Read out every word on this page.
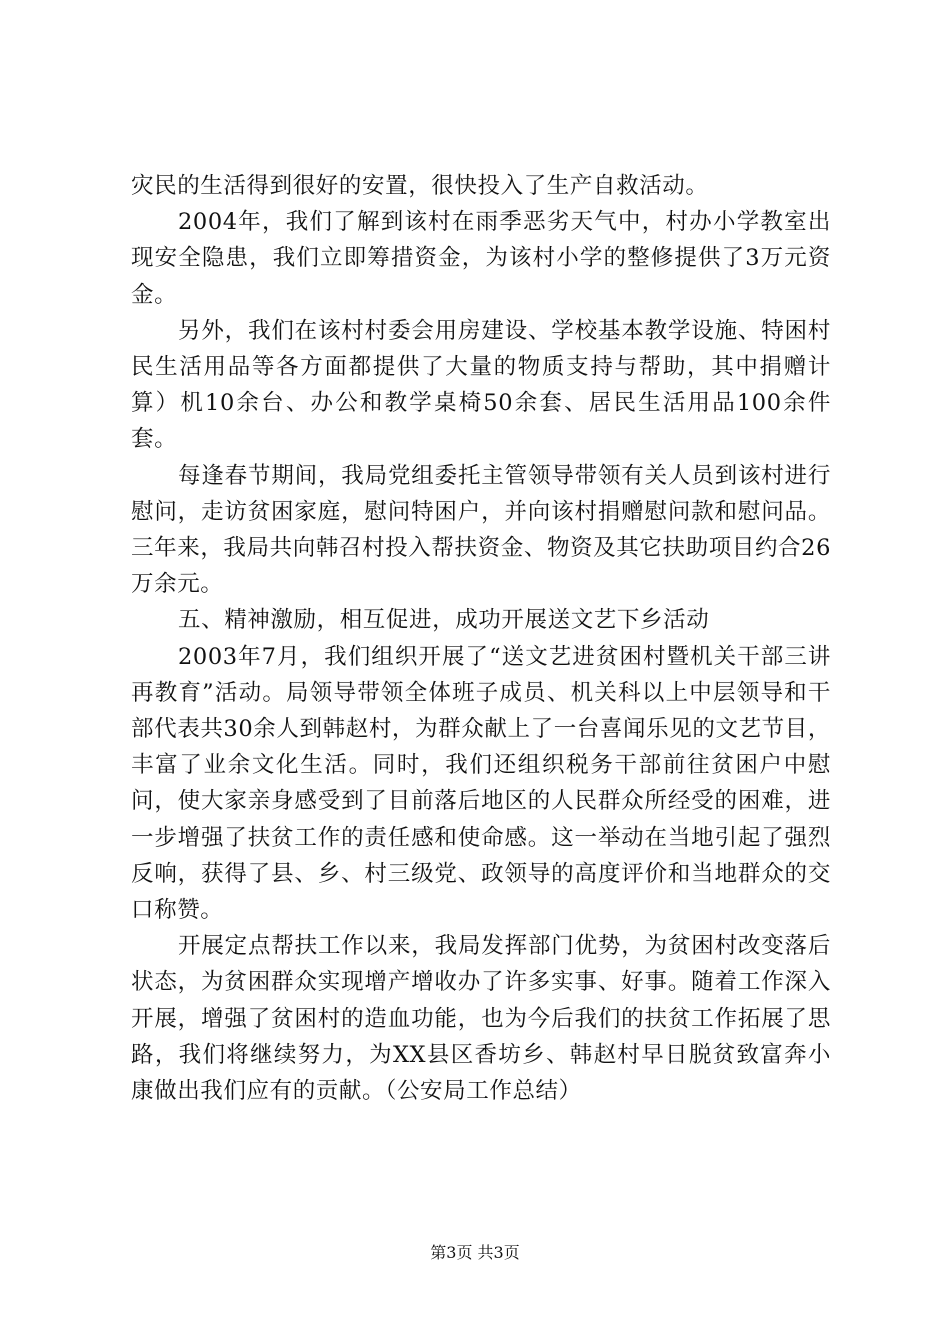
灾民的生活得到很好的安置，很快投入了生产自救活动。

2004年，我们了解到该村在雨季恶劣天气中，村办小学教室出现安全隐患，我们立即筹措资金，为该村小学的整修提供了3万元资金。

另外，我们在该村村委会用房建设、学校基本教学设施、特困村民生活用品等各方面都提供了大量的物质支持与帮助，其中捐赠计算）机10余台、办公和教学桌椅50余套、居民生活用品100余件套。

每逢春节期间，我局党组委托主管领导带领有关人员到该村进行慰问，走访贫困家庭，慰问特困户，并向该村捐赠慰问款和慰问品。三年来，我局共向韩召村投入帮扶资金、物资及其它扶助项目约合26万余元。

五、精神激励，相互促进，成功开展送文艺下乡活动

2003年7月，我们组织开展了“送文艺进贫困村暨机关干部三讲再教育”活动。局领导带领全体班子成员、机关科以上中层领导和干部代表共30余人到韩赵村，为群众献上了一台喜闻乐见的文艺节目，丰富了业余文化生活。同时，我们还组织税务干部前往贫困户中慰问，使大家亲身感受到了目前落后地区的人民群众所经受的困难，进一步增强了扶贫工作的责任感和使命感。这一举动在当地引起了强烈反响，获得了县、乡、村三级党、政领导的高度评价和当地群众的交口称赞。

开展定点帮扶工作以来，我局发挥部门优势，为贫困村改变落后状态，为贫困群众实现增产增收办了许多实事、好事。随着工作深入开展，增强了贫困村的造血功能，也为今后我们的扶贫工作拓展了思路，我们将继续努力，为XX县区香坊乡、韩赵村早日脱贫致富奔小康做出我们应有的贡献。（公安局工作总结）

第3页 共3页
